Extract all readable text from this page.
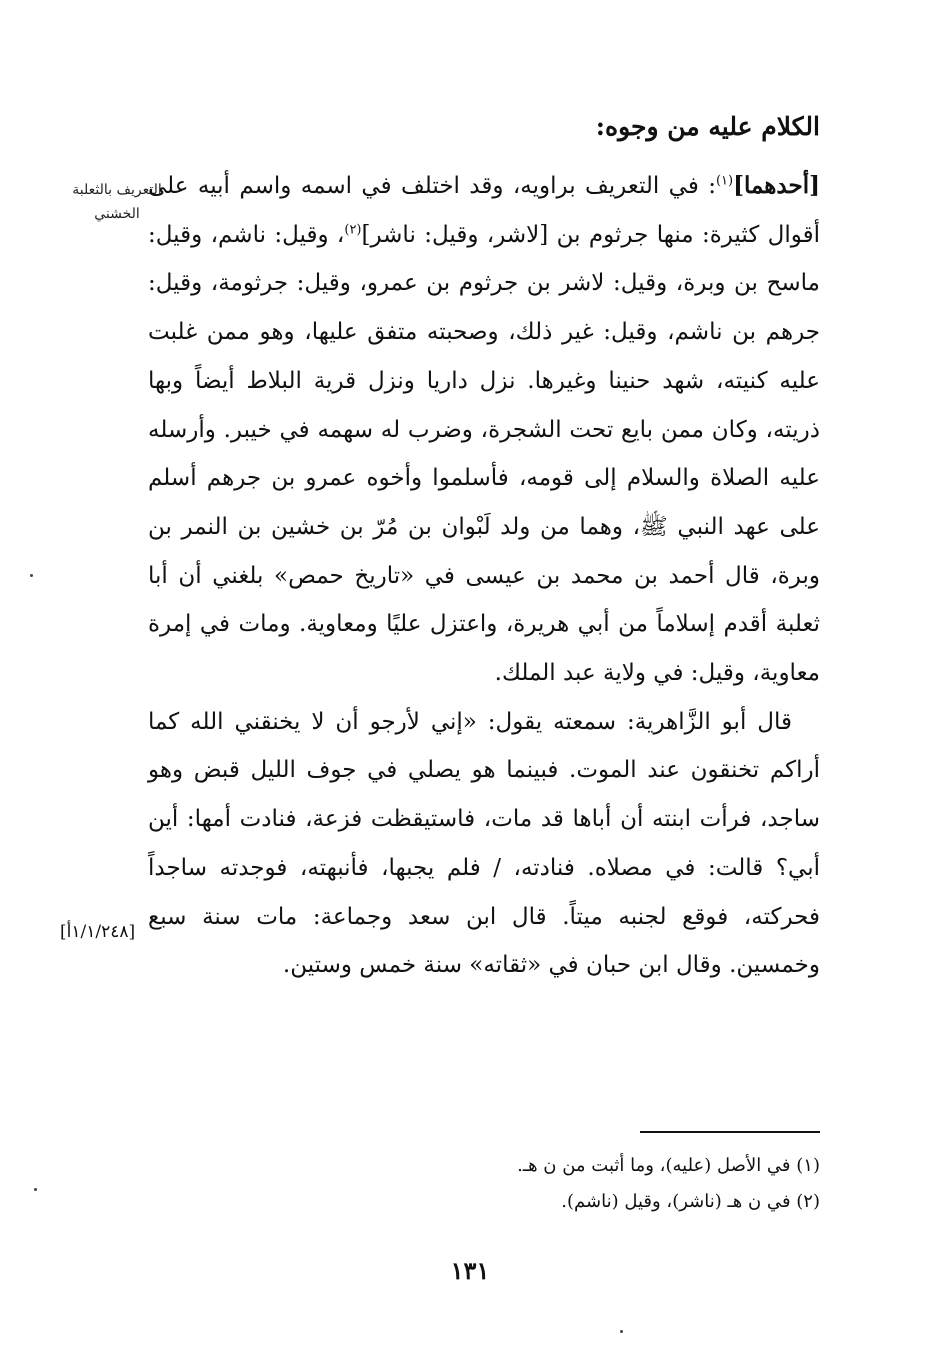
الكلام عليه من وجوه:
التعريف بالثعلبة الخشني

[أحدهما]$^{(١)}$: في التعريف براويه، وقد اختلف في اسمه واسم أبيه على أقوال كثيرة: منها جرثوم بن [لاشر، وقيل: ناشر]$^{(٢)}$، وقيل: ناشم، وقيل: ماسح بن وبرة، وقيل: لاشر بن جرثوم بن عمرو، وقيل: جرثومة، وقيل: جرهم بن ناشم، وقيل: غير ذلك، وصحبته متفق عليها، وهو ممن غلبت عليه كنيته، شهد حنينا وغيرها. نزل داريا ونزل قرية البلاط أيضاً وبها ذريته، وكان ممن بايع تحت الشجرة، وضرب له سهمه في خيبر. وأرسله عليه الصلاة والسلام إلى قومه، فأسلموا وأخوه عمرو بن جرهم أسلم على عهد النبي ﷺ، وهما من ولد لَبْوان بن مُرّ بن خشين بن النمر بن وبرة، قال أحمد بن محمد بن عيسى في «تاريخ حمص» بلغني أن أبا ثعلبة أقدم إسلاماً من أبي هريرة، واعتزل عليًا ومعاوية. ومات في إمرة معاوية، وقيل: في ولاية عبد الملك.

قال أبو الزَّاهرية: سمعته يقول: «إني لأرجو أن لا يخنقني الله كما أراكم تخنقون عند الموت. فبينما هو يصلي في جوف الليل قبض وهو ساجد، فرأت ابنته أن أباها قد مات، فاستيقظت فزعة، فنادت أمها: أين أبي؟ قالت: في مصلاه. فنادته، / فلم يجبها، فأنبهته، فوجدته ساجداً فحركته، فوقع لجنبه ميتاً. قال ابن سعد وجماعة: مات سنة سبع وخمسين. وقال ابن حبان في «ثقاته» سنة خمس وستين.

[١/١/٢٤٨أ]
(١) في الأصل (عليه)، وما أثبت من ن هـ.
(٢) في ن هـ (ناشر)، وقيل (ناشم).
١٣١
